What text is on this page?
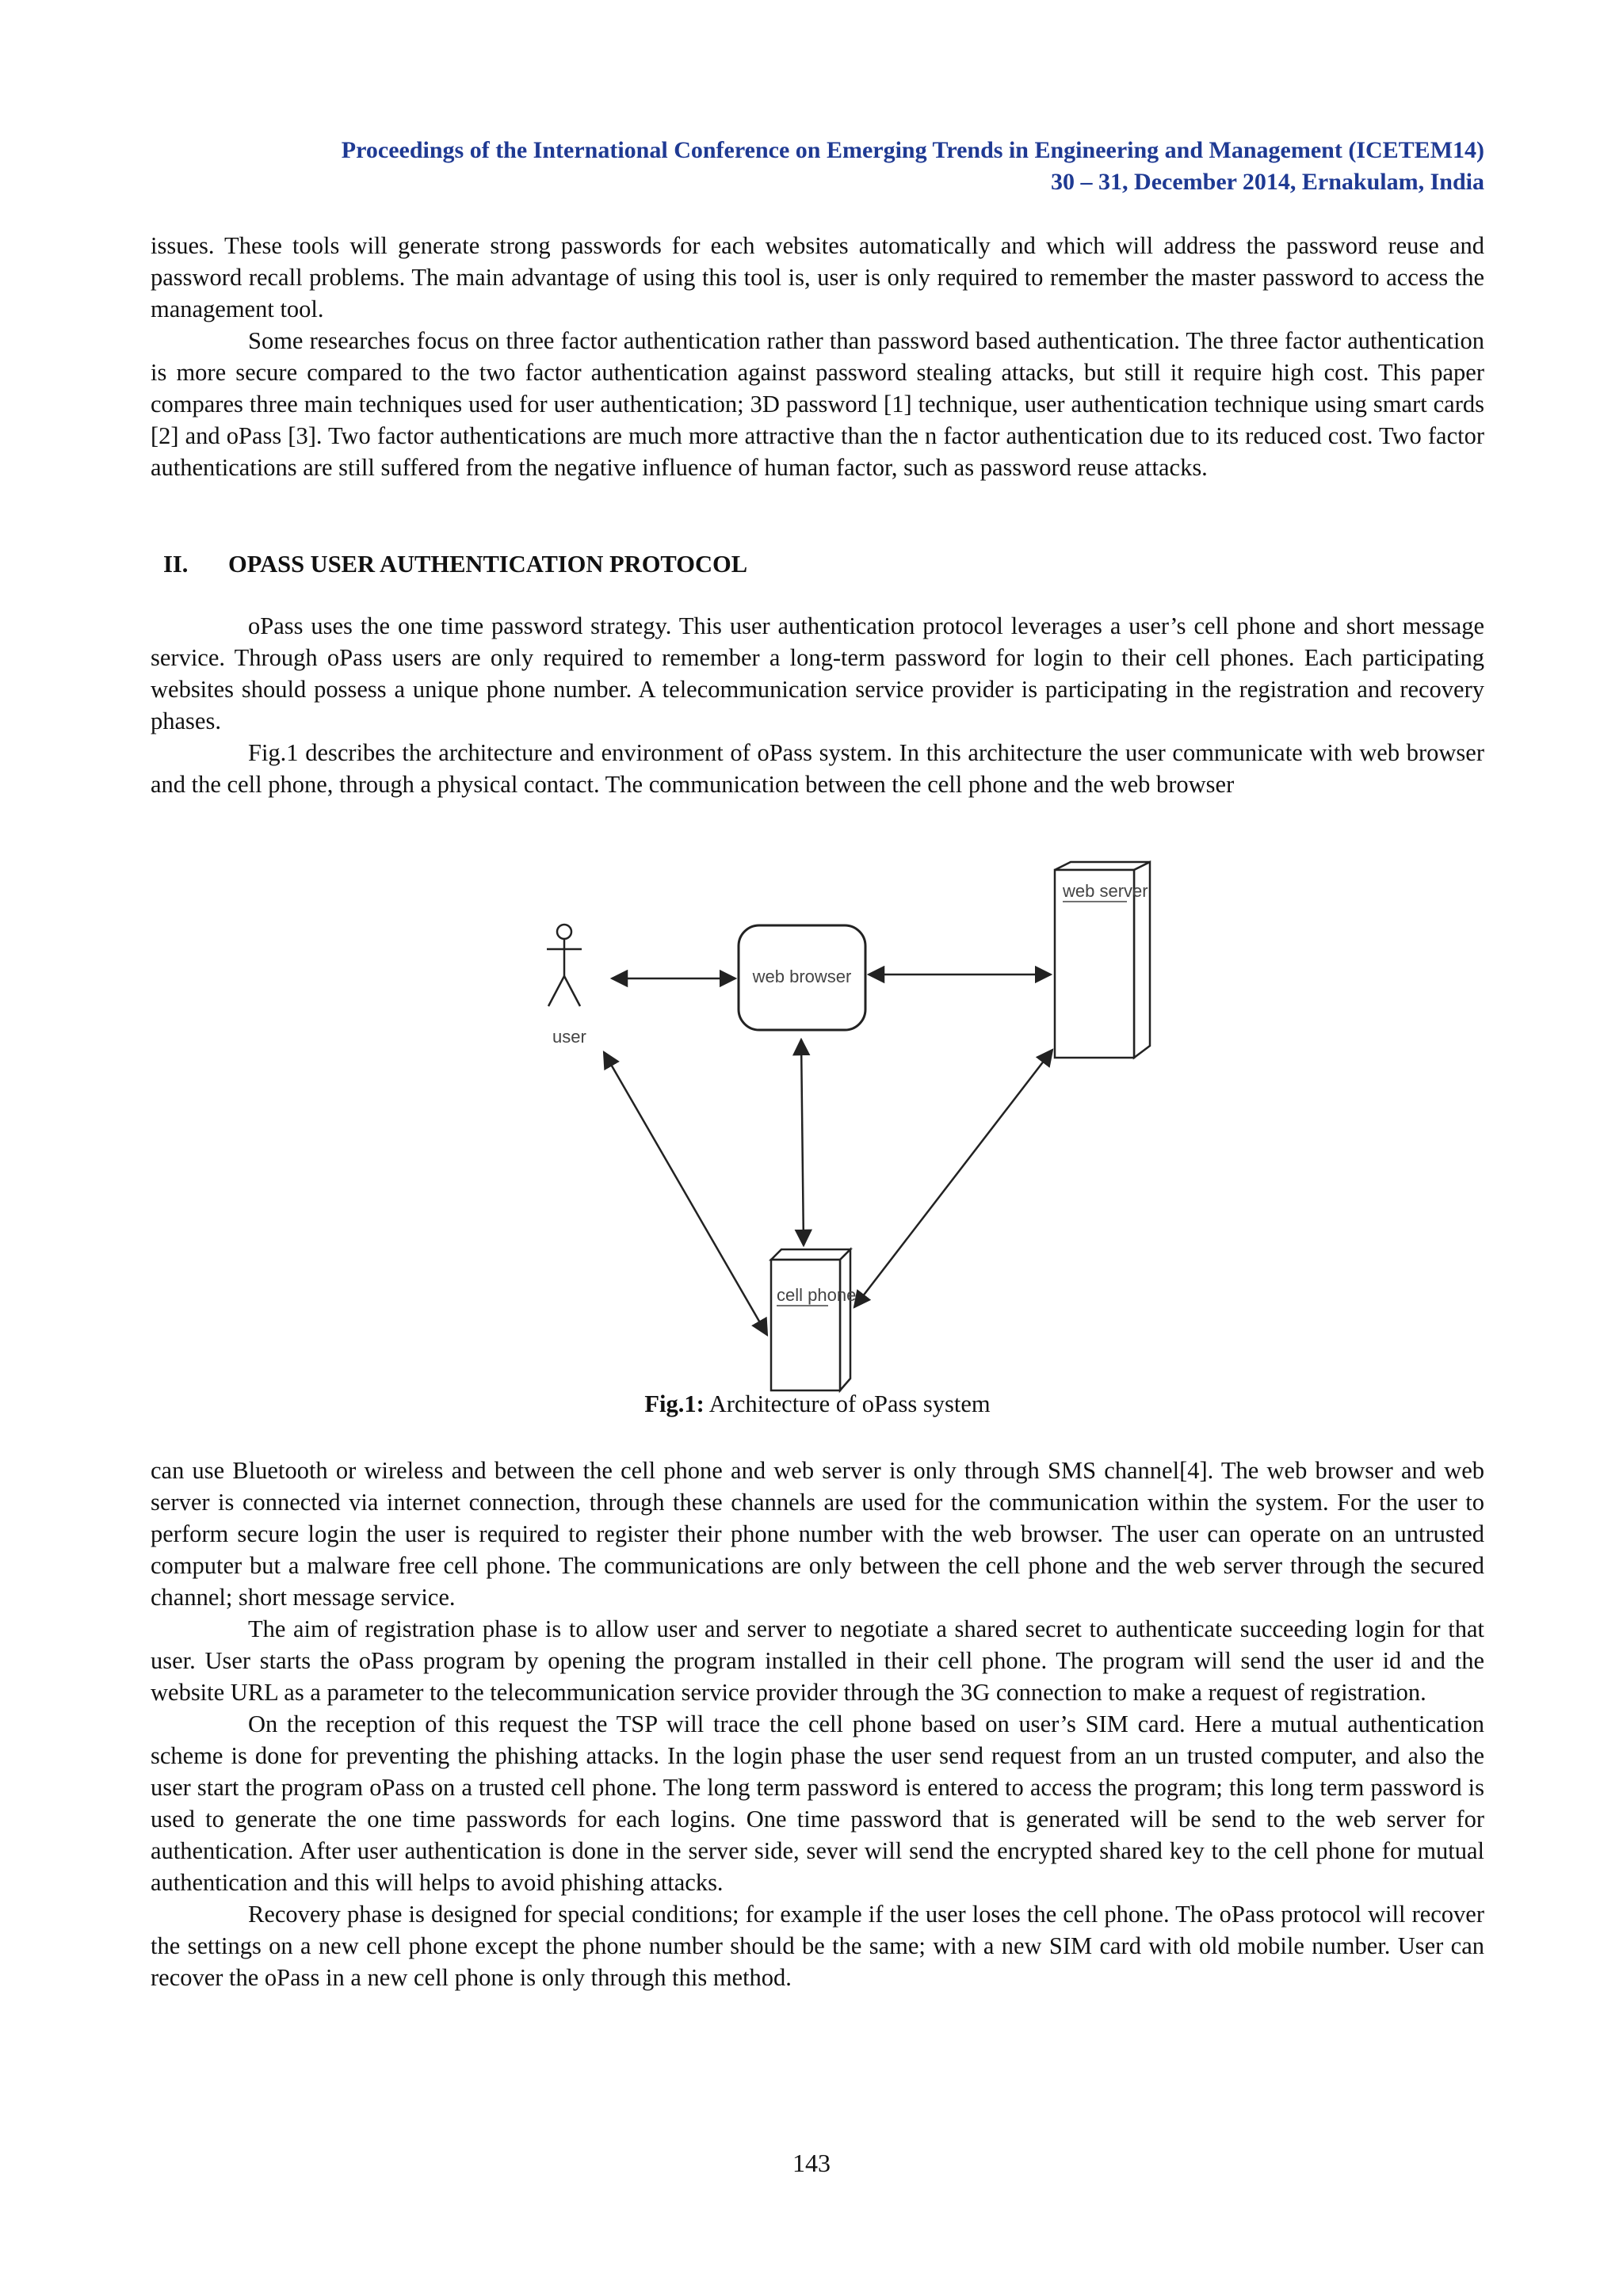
Proceedings of the International Conference on Emerging Trends in Engineering and Management (ICETEM14)
30 – 31, December 2014, Ernakulam, India

issues. These tools will generate strong passwords for each websites automatically and which will address the password reuse and password recall problems. The main advantage of using this tool is, user is only required to remember the master password to access the management tool.

Some researches focus on three factor authentication rather than password based authentication. The three factor authentication is more secure compared to the two factor authentication against password stealing attacks, but still it require high cost. This paper compares three main techniques used for user authentication; 3D password [1] technique, user authentication technique using smart cards [2] and oPass [3]. Two factor authentications are much more attractive than the n factor authentication due to its reduced cost. Two factor authentications are still suffered from the negative influence of human factor, such as password reuse attacks.

II. OPASS USER AUTHENTICATION PROTOCOL

oPass uses the one time password strategy. This user authentication protocol leverages a user’s cell phone and short message service. Through oPass users are only required to remember a long-term password for login to their cell phones. Each participating websites should possess a unique phone number. A telecommunication service provider is participating in the registration and recovery phases.

Fig.1 describes the architecture and environment of oPass system. In this architecture the user communicate with web browser and the cell phone, through a physical contact. The communication between the cell phone and the web browser

user
web browser
web server
cell phone

Fig.1: Architecture of oPass system

can use Bluetooth or wireless and between the cell phone and web server is only through SMS channel[4]. The web browser and web server is connected via internet connection, through these channels are used for the communication within the system. For the user to perform secure login the user is required to register their phone number with the web browser. The user can operate on an untrusted computer but a malware free cell phone. The communications are only between the cell phone and the web server through the secured channel; short message service.

The aim of registration phase is to allow user and server to negotiate a shared secret to authenticate succeeding login for that user. User starts the oPass program by opening the program installed in their cell phone. The program will send the user id and the website URL as a parameter to the telecommunication service provider through the 3G connection to make a request of registration.

On the reception of this request the TSP will trace the cell phone based on user’s SIM card. Here a mutual authentication scheme is done for preventing the phishing attacks. In the login phase the user send request from an un trusted computer, and also the user start the program oPass on a trusted cell phone. The long term password is entered to access the program; this long term password is used to generate the one time passwords for each logins. One time password that is generated will be send to the web server for authentication. After user authentication is done in the server side, sever will send the encrypted shared key to the cell phone for mutual authentication and this will helps to avoid phishing attacks.

Recovery phase is designed for special conditions; for example if the user loses the cell phone. The oPass protocol will recover the settings on a new cell phone except the phone number should be the same; with a new SIM card with old mobile number. User can recover the oPass in a new cell phone is only through this method.

143
